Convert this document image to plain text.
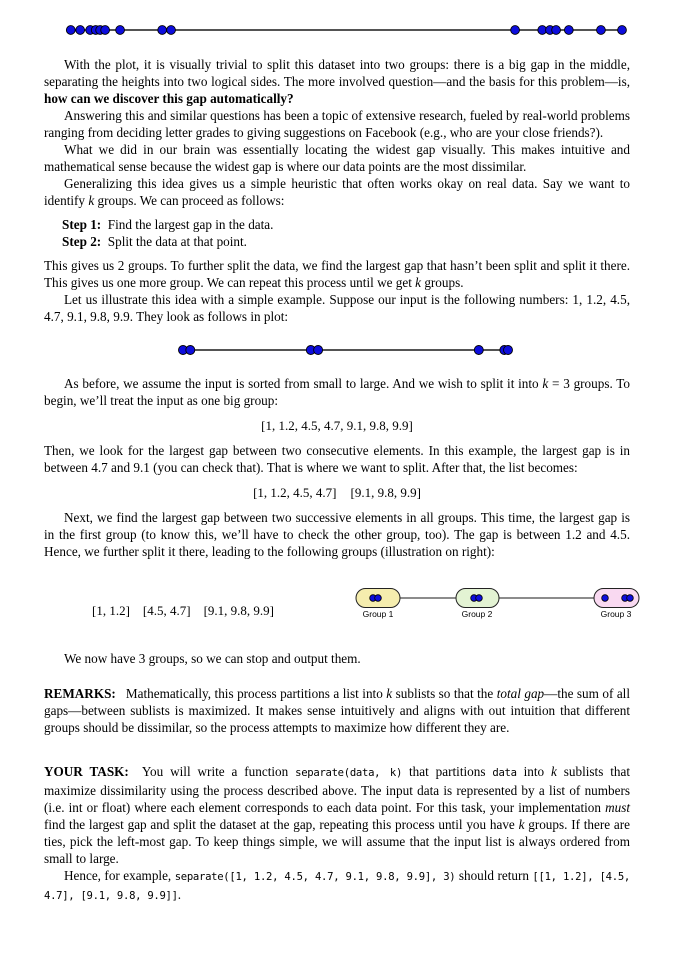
With the plot, it is visually trivial to split this dataset into two groups: there is a big gap in the middle, separating the heights into two logical sides. The more involved question—and the basis for this problem—is, how can we discover this gap automatically?

Answering this and similar questions has been a topic of extensive research, fueled by real-world problems ranging from deciding letter grades to giving suggestions on Facebook (e.g., who are your close friends?).

What we did in our brain was essentially locating the widest gap visually. This makes intuitive and mathematical sense because the widest gap is where our data points are the most dissimilar.

Generalizing this idea gives us a simple heuristic that often works okay on real data. Say we want to identify k groups. We can proceed as follows:

Step 1: Find the largest gap in the data.

Step 2: Split the data at that point.

This gives us 2 groups. To further split the data, we find the largest gap that hasn’t been split and split it there. This gives us one more group. We can repeat this process until we get k groups.

Let us illustrate this idea with a simple example. Suppose our input is the following numbers: 1, 1.2, 4.5, 4.7, 9.1, 9.8, 9.9. They look as follows in plot:

As before, we assume the input is sorted from small to large. And we wish to split it into k = 3 groups. To begin, we’ll treat the input as one big group:

[1, 1.2, 4.5, 4.7, 9.1, 9.8, 9.9]

Then, we look for the largest gap between two consecutive elements. In this example, the largest gap is in between 4.7 and 9.1 (you can check that). That is where we want to split. After that, the list becomes:

[1, 1.2, 4.5, 4.7] [9.1, 9.8, 9.9]

Next, we find the largest gap between two successive elements in all groups. This time, the largest gap is in the first group (to know this, we’ll have to check the other group, too). The gap is between 1.2 and 4.5. Hence, we further split it there, leading to the following groups (illustration on right):

[1, 1.2] [4.5, 4.7] [9.1, 9.8, 9.9]	Group 1	Group 2	Group 3

We now have 3 groups, so we can stop and output them.

REMARKS:  Mathematically, this process partitions a list into k sublists so that the total gap—the sum of all gaps—between sublists is maximized. It makes sense intuitively and aligns with out intuition that different groups should be dissimilar, so the process attempts to maximize how different they are.

YOUR TASK:  You will write a function separate(data, k) that partitions data into k sublists that maximize dissimilarity using the process described above. The input data is represented by a list of numbers (i.e. int or float) where each element corresponds to each data point. For this task, your implementation must find the largest gap and split the dataset at the gap, repeating this process until you have k groups. If there are ties, pick the left-most gap. To keep things simple, we will assume that the input list is always ordered from small to large.

Hence, for example, separate([1, 1.2, 4.5, 4.7, 9.1, 9.8, 9.9], 3) should return [[1, 1.2], [4.5, 4.7], [9.1, 9.8, 9.9]].
